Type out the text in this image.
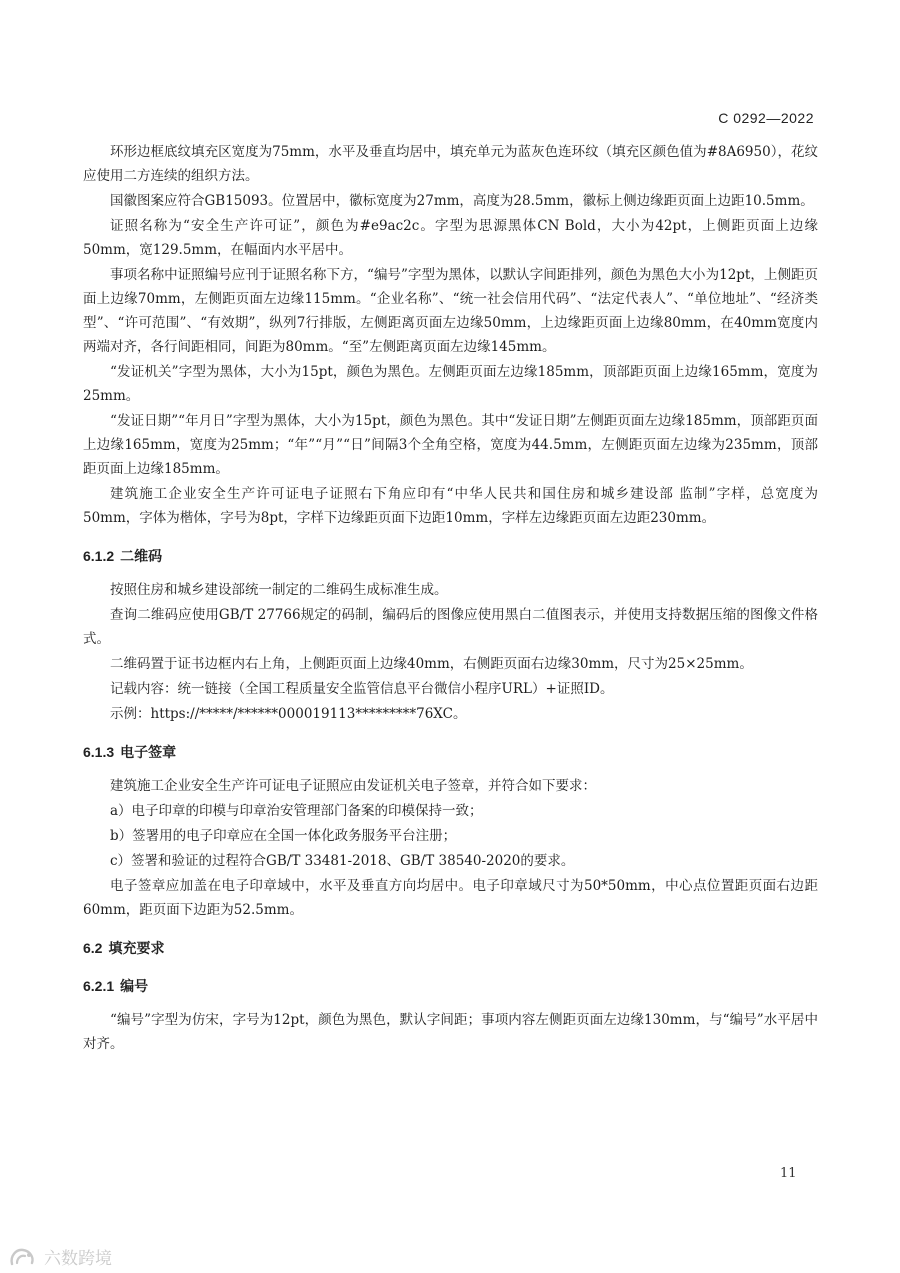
C 0292—2022

环形边框底纹填充区宽度为75mm，水平及垂直均居中，填充单元为蓝灰色连环纹（填充区颜色值为#8A6950），花纹应使用二方连续的组织方法。

国徽图案应符合GB15093。位置居中，徽标宽度为27mm，高度为28.5mm，徽标上侧边缘距页面上边距10.5mm。

证照名称为“安全生产许可证”，颜色为#e9ac2c。字型为思源黑体CN Bold，大小为42pt，上侧距页面上边缘50mm，宽129.5mm，在幅面内水平居中。

事项名称中证照编号应刊于证照名称下方，“编号”字型为黑体，以默认字间距排列，颜色为黑色大小为12pt，上侧距页面上边缘70mm，左侧距页面左边缘115mm。“企业名称”、“统一社会信用代码”、“法定代表人”、“单位地址”、“经济类型”、“许可范围”、“有效期”，纵列7行排版，左侧距离页面左边缘50mm，上边缘距页面上边缘80mm，在40mm宽度内两端对齐，各行间距相同，间距为80mm。“至”左侧距离页面左边缘145mm。

“发证机关”字型为黑体，大小为15pt，颜色为黑色。左侧距页面左边缘185mm，顶部距页面上边缘165mm，宽度为25mm。

“发证日期”“年月日”字型为黑体，大小为15pt，颜色为黑色。其中“发证日期”左侧距页面左边缘185mm，顶部距页面上边缘165mm，宽度为25mm；“年”“月”“日”间隔3个全角空格，宽度为44.5mm，左侧距页面左边缘为235mm，顶部距页面上边缘185mm。

建筑施工企业安全生产许可证电子证照右下角应印有“中华人民共和国住房和城乡建设部 监制”字样，总宽度为50mm，字体为楷体，字号为8pt，字样下边缘距页面下边距10mm，字样左边缘距页面左边距230mm。

6.1.2 二维码

按照住房和城乡建设部统一制定的二维码生成标准生成。

查询二维码应使用GB/T 27766规定的码制，编码后的图像应使用黑白二值图表示，并使用支持数据压缩的图像文件格式。

二维码置于证书边框内右上角，上侧距页面上边缘40mm，右侧距页面右边缘30mm，尺寸为25×25mm。

记载内容：统一链接（全国工程质量安全监管信息平台微信小程序URL）+证照ID。

示例：https://*****/******000019113*********76XC。

6.1.3 电子签章

建筑施工企业安全生产许可证电子证照应由发证机关电子签章，并符合如下要求：

a）电子印章的印模与印章治安管理部门备案的印模保持一致；

b）签署用的电子印章应在全国一体化政务服务平台注册；

c）签署和验证的过程符合GB/T 33481-2018、GB/T 38540-2020的要求。

电子签章应加盖在电子印章域中，水平及垂直方向均居中。电子印章域尺寸为50*50mm，中心点位置距页面右边距60mm，距页面下边距为52.5mm。

6.2 填充要求
6.2.1 编号

“编号”字型为仿宋，字号为12pt，颜色为黑色，默认字间距；事项内容左侧距页面左边缘130mm，与“编号”水平居中对齐。

11
六数跨境
